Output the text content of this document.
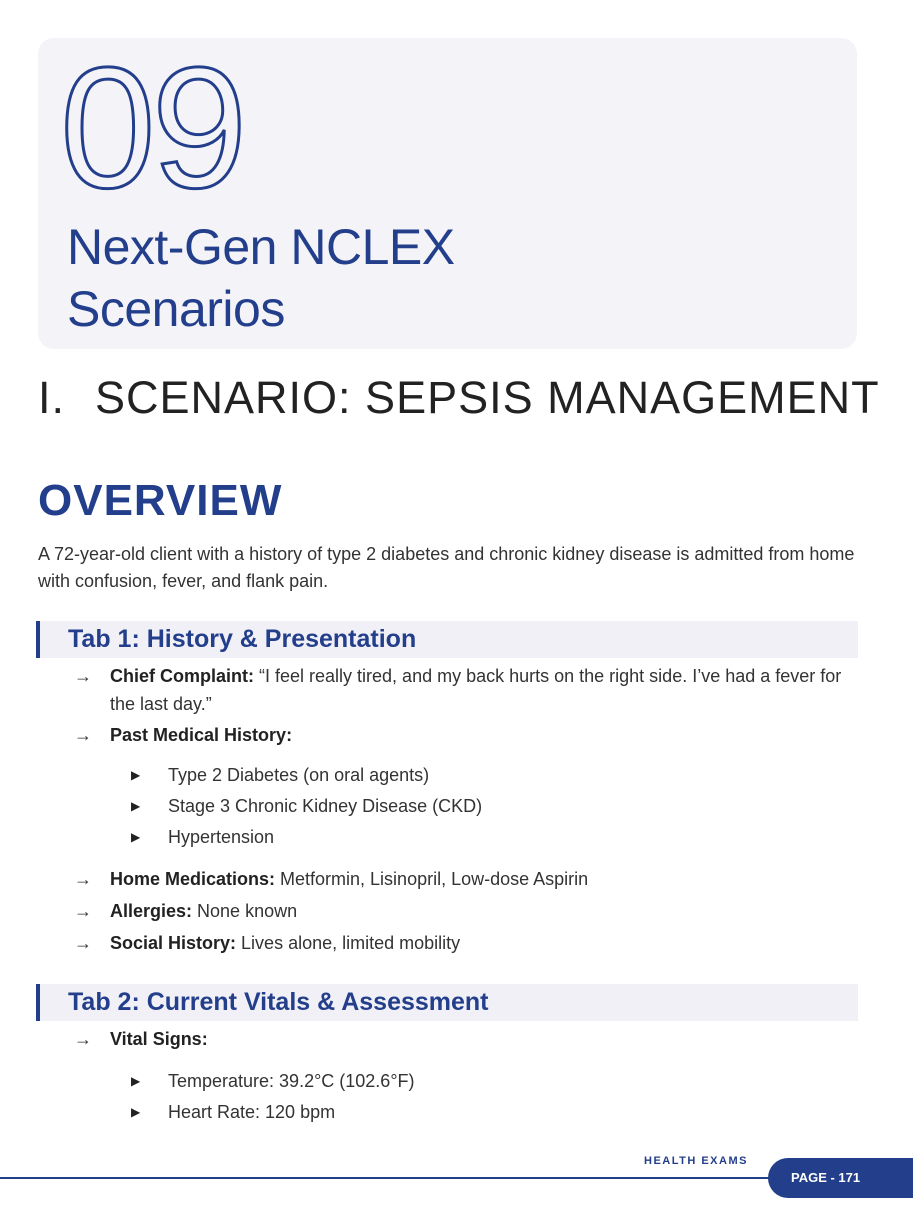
09
Next-Gen NCLEX
Scenarios
I. SCENARIO: SEPSIS MANAGEMENT
OVERVIEW
A 72-year-old client with a history of type 2 diabetes and chronic kidney disease is admitted from home with confusion, fever, and flank pain.
Tab 1: History & Presentation
→ Chief Complaint: “I feel really tired, and my back hurts on the right side. I’ve had a fever for the last day.”
→ Past Medical History:
▶ Type 2 Diabetes (on oral agents)
▶ Stage 3 Chronic Kidney Disease (CKD)
▶ Hypertension
→ Home Medications: Metformin, Lisinopril, Low-dose Aspirin
→ Allergies: None known
→ Social History: Lives alone, limited mobility
Tab 2: Current Vitals & Assessment
→ Vital Signs:
▶ Temperature: 39.2°C (102.6°F)
▶ Heart Rate: 120 bpm
HEALTH EXAMS
PAGE - 171
